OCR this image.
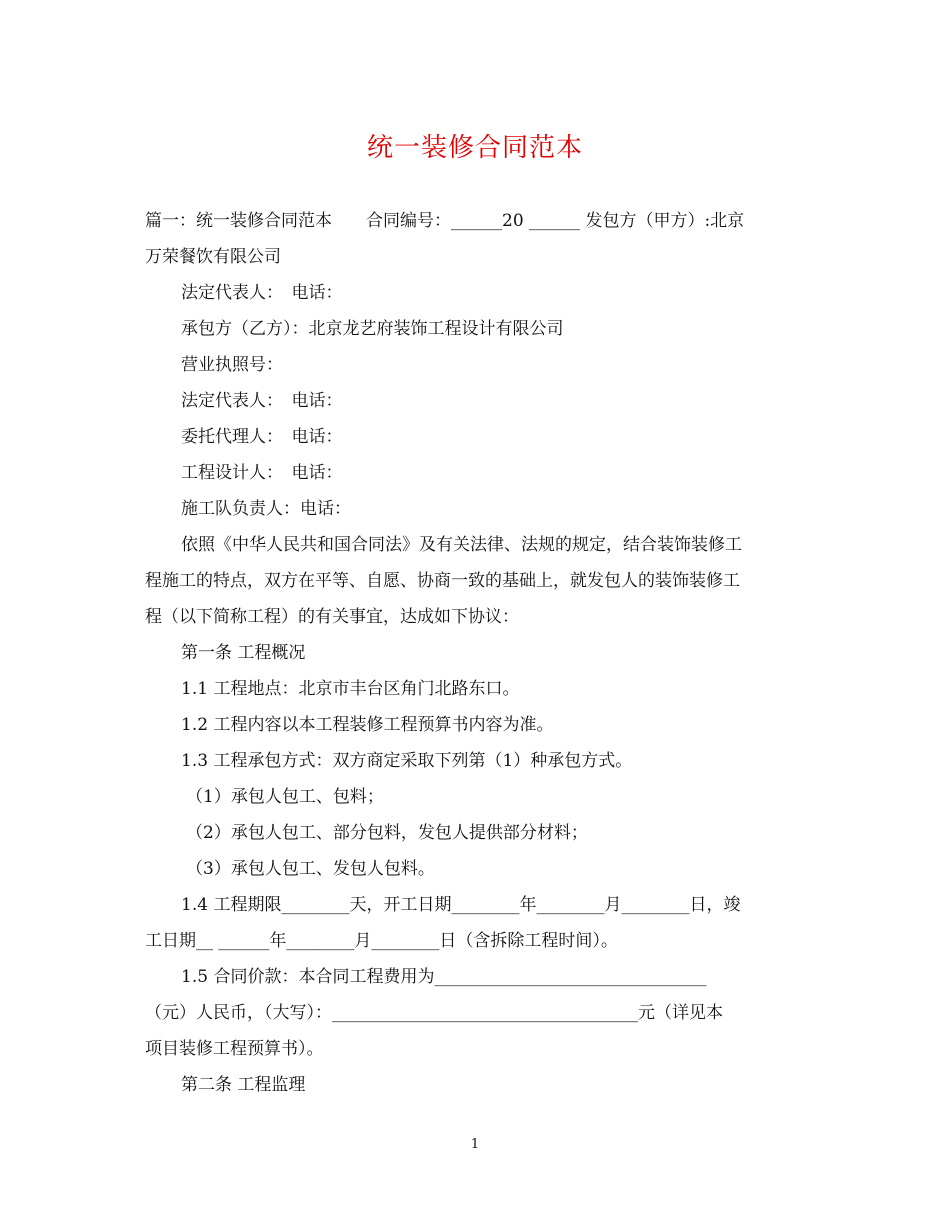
统一装修合同范本
篇一：统一装修合同范本　　合同编号：______20 ______ 发包方（甲方）:北京
万荣餐饮有限公司
法定代表人：　电话：
承包方（乙方）：北京龙艺府装饰工程设计有限公司
营业执照号：
法定代表人：　电话：
委托代理人：　电话：
工程设计人：　电话：
施工队负责人：电话：
依照《中华人民共和国合同法》及有关法律、法规的规定，结合装饰装修工
程施工的特点，双方在平等、自愿、协商一致的基础上，就发包人的装饰装修工
程（以下简称工程）的有关事宜，达成如下协议：
第一条 工程概况
1.1 工程地点：北京市丰台区角门北路东口。
1.2 工程内容以本工程装修工程预算书内容为准。
1.3 工程承包方式：双方商定采取下列第（1）种承包方式。
（1）承包人包工、包料；
（2）承包人包工、部分包料，发包人提供部分材料；
（3）承包人包工、发包人包料。
1.4 工程期限________天，开工日期________年________月________日，竣
工日期__ ______年________月________日（含拆除工程时间）。
1.5 合同价款：本合同工程费用为________________________________
（元）人民币，（大写）：____________________________________元（详见本
项目装修工程预算书）。
第二条 工程监理
1
